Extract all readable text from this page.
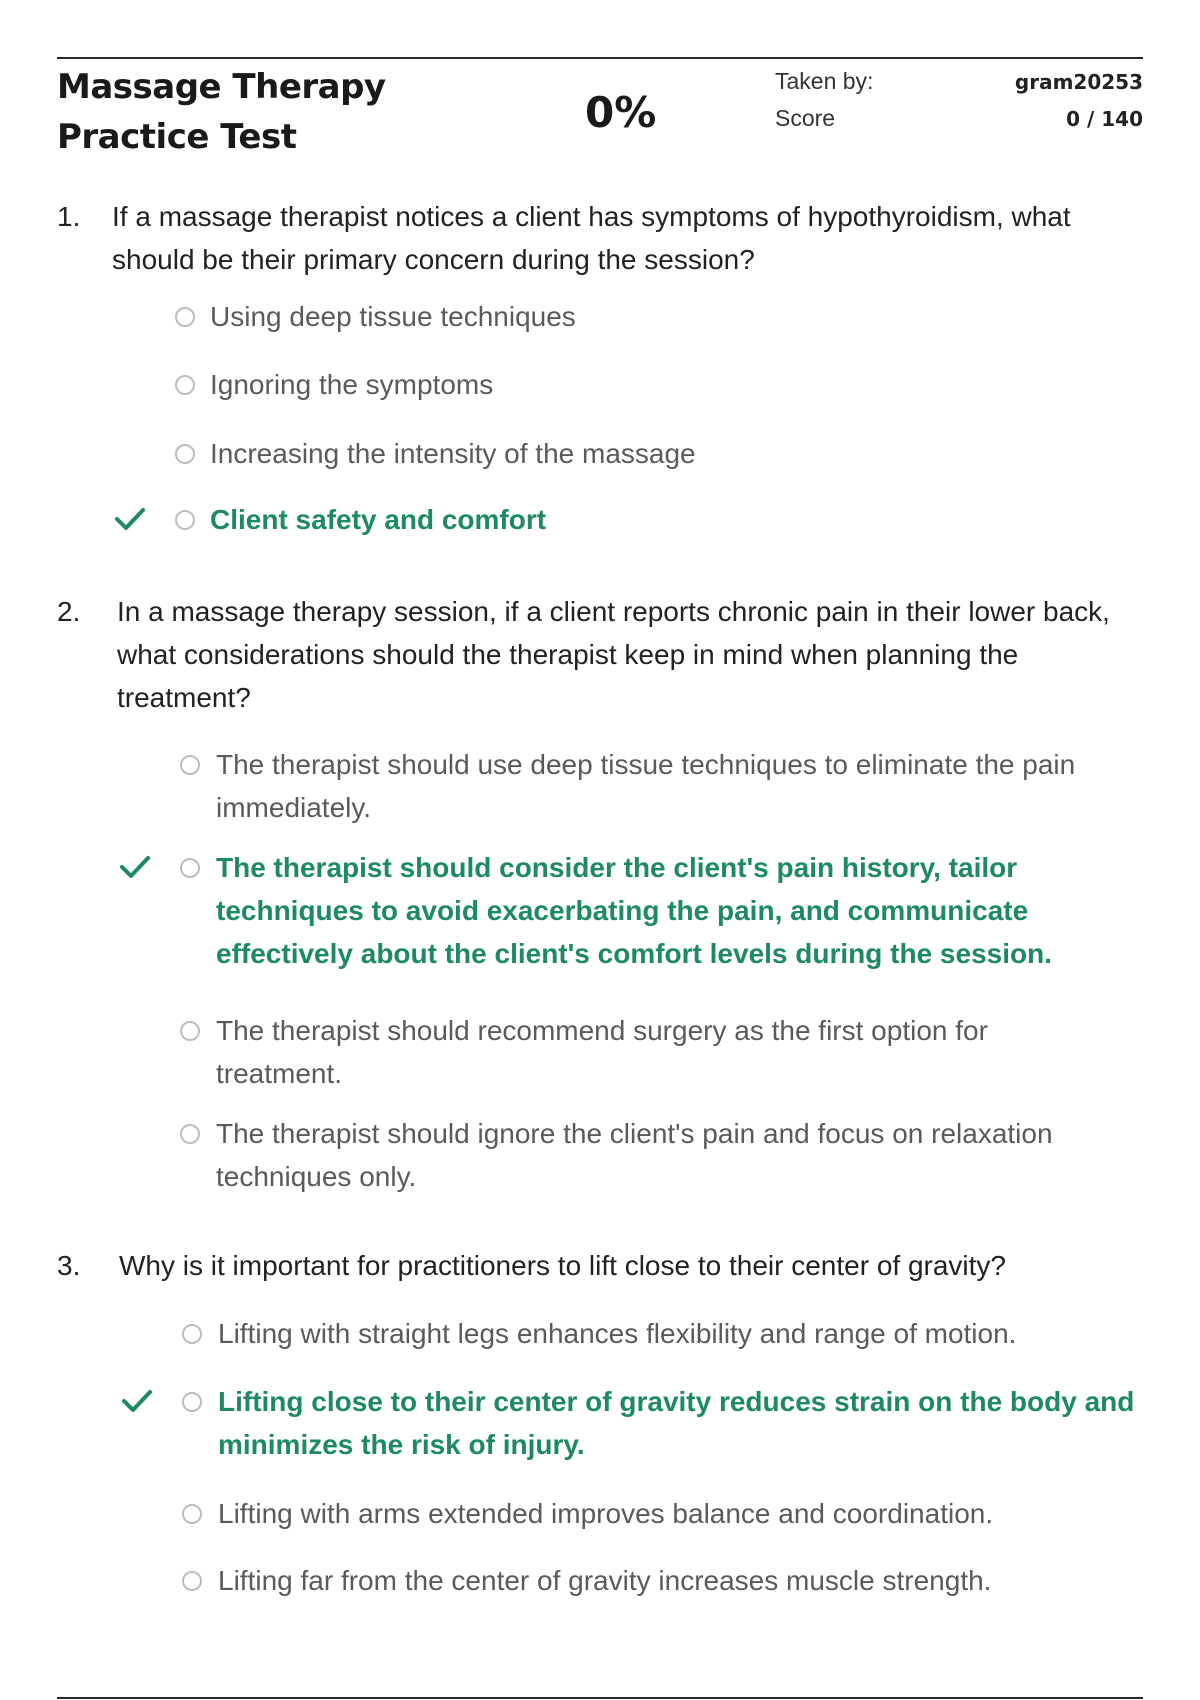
Massage Therapy Practice Test	0%
Taken by:	gram20253
Score	0 / 140
1. If a massage therapist notices a client has symptoms of hypothyroidism, what should be their primary concern during the session?
Using deep tissue techniques
Ignoring the symptoms
Increasing the intensity of the massage
Client safety and comfort
2. In a massage therapy session, if a client reports chronic pain in their lower back, what considerations should the therapist keep in mind when planning the treatment?
The therapist should use deep tissue techniques to eliminate the pain immediately.
The therapist should consider the client's pain history, tailor techniques to avoid exacerbating the pain, and communicate effectively about the client's comfort levels during the session.
The therapist should recommend surgery as the first option for treatment.
The therapist should ignore the client's pain and focus on relaxation techniques only.
3. Why is it important for practitioners to lift close to their center of gravity?
Lifting with straight legs enhances flexibility and range of motion.
Lifting close to their center of gravity reduces strain on the body and minimizes the risk of injury.
Lifting with arms extended improves balance and coordination.
Lifting far from the center of gravity increases muscle strength.
